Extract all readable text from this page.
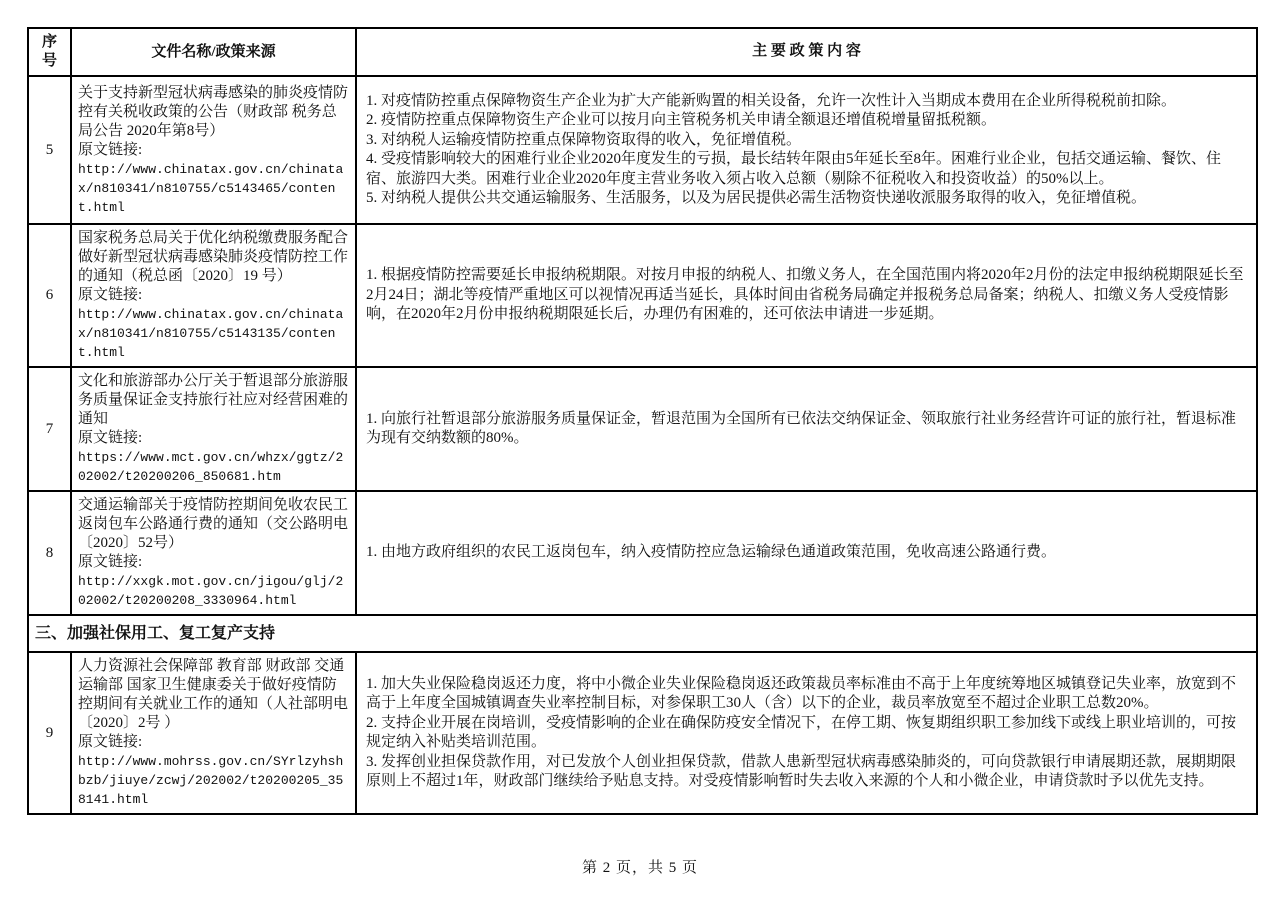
序号
文件名称/政策来源	主 要 政 策 内 容
5
关于支持新型冠状病毒感染的肺炎疫情防控有关税收政策的公告（财政部 税务总局公告 2020年第8号）
原文链接:
http://www.chinatax.gov.cn/chinatax/n810341/n810755/c5143465/content.html
1. 对疫情防控重点保障物资生产企业为扩大产能新购置的相关设备，允许一次性计入当期成本费用在企业所得税税前扣除。
2. 疫情防控重点保障物资生产企业可以按月向主管税务机关申请全额退还增值税增量留抵税额。
3. 对纳税人运输疫情防控重点保障物资取得的收入，免征增值税。
4. 受疫情影响较大的困难行业企业2020年度发生的亏损，最长结转年限由5年延长至8年。困难行业企业，包括交通运输、餐饮、住宿、旅游四大类。困难行业企业2020年度主营业务收入须占收入总额（剔除不征税收入和投资收益）的50%以上。
5. 对纳税人提供公共交通运输服务、生活服务，以及为居民提供必需生活物资快递收派服务取得的收入，免征增值税。
6
国家税务总局关于优化纳税缴费服务配合做好新型冠状病毒感染肺炎疫情防控工作的通知（税总函〔2020〕19 号）
原文链接:
http://www.chinatax.gov.cn/chinatax/n810341/n810755/c5143135/content.html
1. 根据疫情防控需要延长申报纳税期限。对按月申报的纳税人、扣缴义务人，在全国范围内将2020年2月份的法定申报纳税期限延长至2月24日；湖北等疫情严重地区可以视情况再适当延长，具体时间由省税务局确定并报税务总局备案；纳税人、扣缴义务人受疫情影响，在2020年2月份申报纳税期限延长后，办理仍有困难的，还可依法申请进一步延期。
7
文化和旅游部办公厅关于暂退部分旅游服务质量保证金支持旅行社应对经营困难的通知
原文链接:
https://www.mct.gov.cn/whzx/ggtz/202002/t20200206_850681.htm
1. 向旅行社暂退部分旅游服务质量保证金，暂退范围为全国所有已依法交纳保证金、领取旅行社业务经营许可证的旅行社，暂退标准为现有交纳数额的80%。
8
交通运输部关于疫情防控期间免收农民工返岗包车公路通行费的通知（交公路明电〔2020〕52号）
原文链接:
http://xxgk.mot.gov.cn/jigou/glj/202002/t20200208_3330964.html
1. 由地方政府组织的农民工返岗包车，纳入疫情防控应急运输绿色通道政策范围，免收高速公路通行费。
三、加强社保用工、复工复产支持
9
人力资源社会保障部 教育部 财政部 交通运输部 国家卫生健康委关于做好疫情防控期间有关就业工作的通知（人社部明电〔2020〕2号 ）
原文链接:
http://www.mohrss.gov.cn/SYrlzyhshbzb/jiuye/zcwj/202002/t20200205_358141.html
1. 加大失业保险稳岗返还力度，将中小微企业失业保险稳岗返还政策裁员率标准由不高于上年度统筹地区城镇登记失业率，放宽到不高于上年度全国城镇调查失业率控制目标，对参保职工30人（含）以下的企业，裁员率放宽至不超过企业职工总数20%。
2. 支持企业开展在岗培训，受疫情影响的企业在确保防疫安全情况下，在停工期、恢复期组织职工参加线下或线上职业培训的，可按规定纳入补贴类培训范围。
3. 发挥创业担保贷款作用，对已发放个人创业担保贷款，借款人患新型冠状病毒感染肺炎的，可向贷款银行申请展期还款，展期期限原则上不超过1年，财政部门继续给予贴息支持。对受疫情影响暂时失去收入来源的个人和小微企业，申请贷款时予以优先支持。
第 2 页，共 5 页
